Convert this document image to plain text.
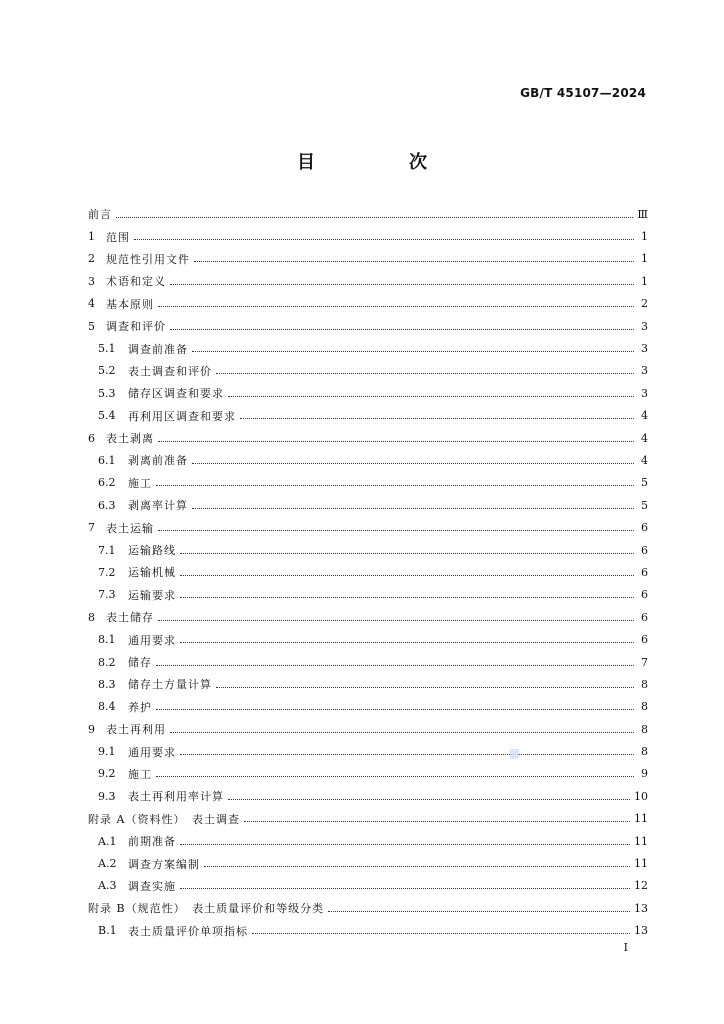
GB/T 45107—2024
目　次
前言	Ⅲ
1	范围	1
2	规范性引用文件	1
3	术语和定义	1
4	基本原则	2
5	调查和评价	3
5.1	调查前准备	3
5.2	表土调查和评价	3
5.3	储存区调查和要求	3
5.4	再利用区调查和要求	4
6	表土剥离	4
6.1	剥离前准备	4
6.2	施工	5
6.3	剥离率计算	5
7	表土运输	6
7.1	运输路线	6
7.2	运输机械	6
7.3	运输要求	6
8	表土储存	6
8.1	通用要求	6
8.2	储存	7
8.3	储存土方量计算	8
8.4	养护	8
9	表土再利用	8
9.1	通用要求	8
9.2	施工	9
9.3	表土再利用率计算	10
附录 A（资料性）　表土调查	11
A.1	前期准备	11
A.2	调查方案编制	11
A.3	调查实施	12
附录 B（规范性）　表土质量评价和等级分类	13
B.1	表土质量评价单项指标	13
▦
I
